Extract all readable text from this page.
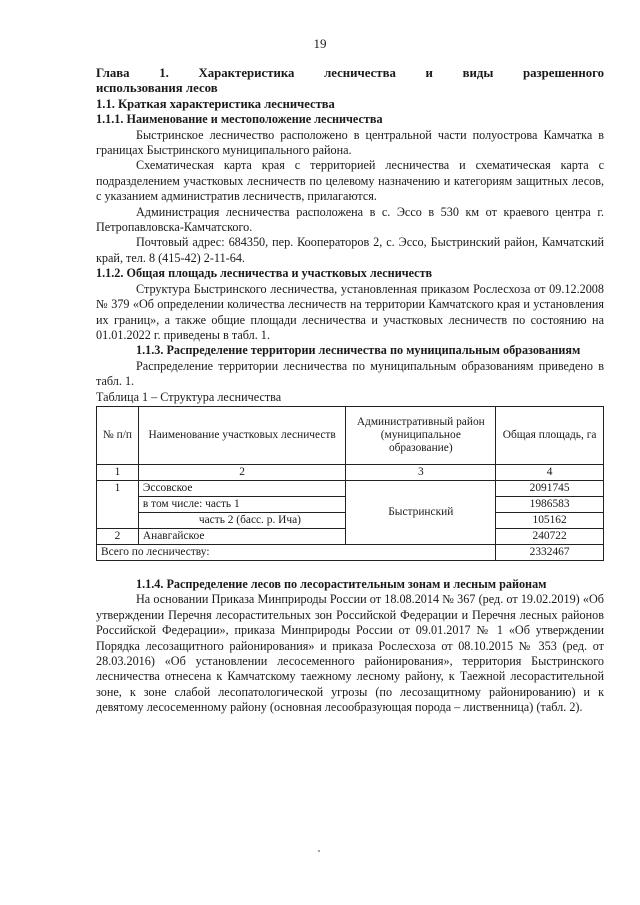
19

Глава 1. Характеристика лесничества и виды разрешенного
использования лесов

1.1. Краткая характеристика лесничества

1.1.1. Наименование и местоположение лесничества

Быстринское лесничество расположено в центральной части полуострова Камчатка в границах Быстринского муниципального района.

Схематическая карта края с территорией лесничества и схематическая карта с подразделением участковых лесничеств по целевому назначению и категориям защитных лесов, с указанием административ лесничеств, прилагаются.

Администрация лесничества расположена в с. Эссо в 530 км от краевого центра г. Петропавловска-Камчатского.

Почтовый адрес: 684350, пер. Кооператоров 2, с. Эссо, Быстринский район, Камчатский край, тел. 8 (415-42) 2-11-64.

1.1.2. Общая площадь лесничества и участковых лесничеств

Структура Быстринского лесничества, установленная приказом Рослесхоза от 09.12.2008 № 379 «Об определении количества лесничеств на территории Камчатского края и установления их границ», а также общие площади лесничества и участковых лесничеств по состоянию на 01.01.2022 г. приведены в табл. 1.

1.1.3. Распределение территории лесничества по муниципальным образованиям

Распределение территории лесничества по муниципальным образованиям приведено в табл. 1.

Таблица 1 – Структура лесничества

№ п/п	Наименование участковых лесничеств	Административный район (муниципальное образование)	Общая площадь, га
1	2	3	4
1	Эссовское	Быстринский	2091745
	в том числе: часть 1		1986583
	часть 2 (басс. р. Ича)		105162
2	Анавгайское		240722
Всего по лесничеству:			2332467

1.1.4. Распределение лесов по лесорастительным зонам и лесным районам

На основании Приказа Минприроды России от 18.08.2014 № 367 (ред. от 19.02.2019) «Об утверждении Перечня лесорастительных зон Российской Федерации и Перечня лесных районов Российской Федерации», приказа Минприроды России от 09.01.2017 № 1 «Об утверждении Порядка лесозащитного районирования» и приказа Рослесхоза от 08.10.2015 № 353 (ред. от 28.03.2016) «Об установлении лесосеменного районирования», территория Быстринского лесничества отнесена к Камчатскому таежному лесному району, к Таежной лесорастительной зоне, к зоне слабой лесопатологической угрозы (по лесозащитному районированию) и к девятому лесосеменному району (основная лесообразующая порода – лиственница) (табл. 2).
